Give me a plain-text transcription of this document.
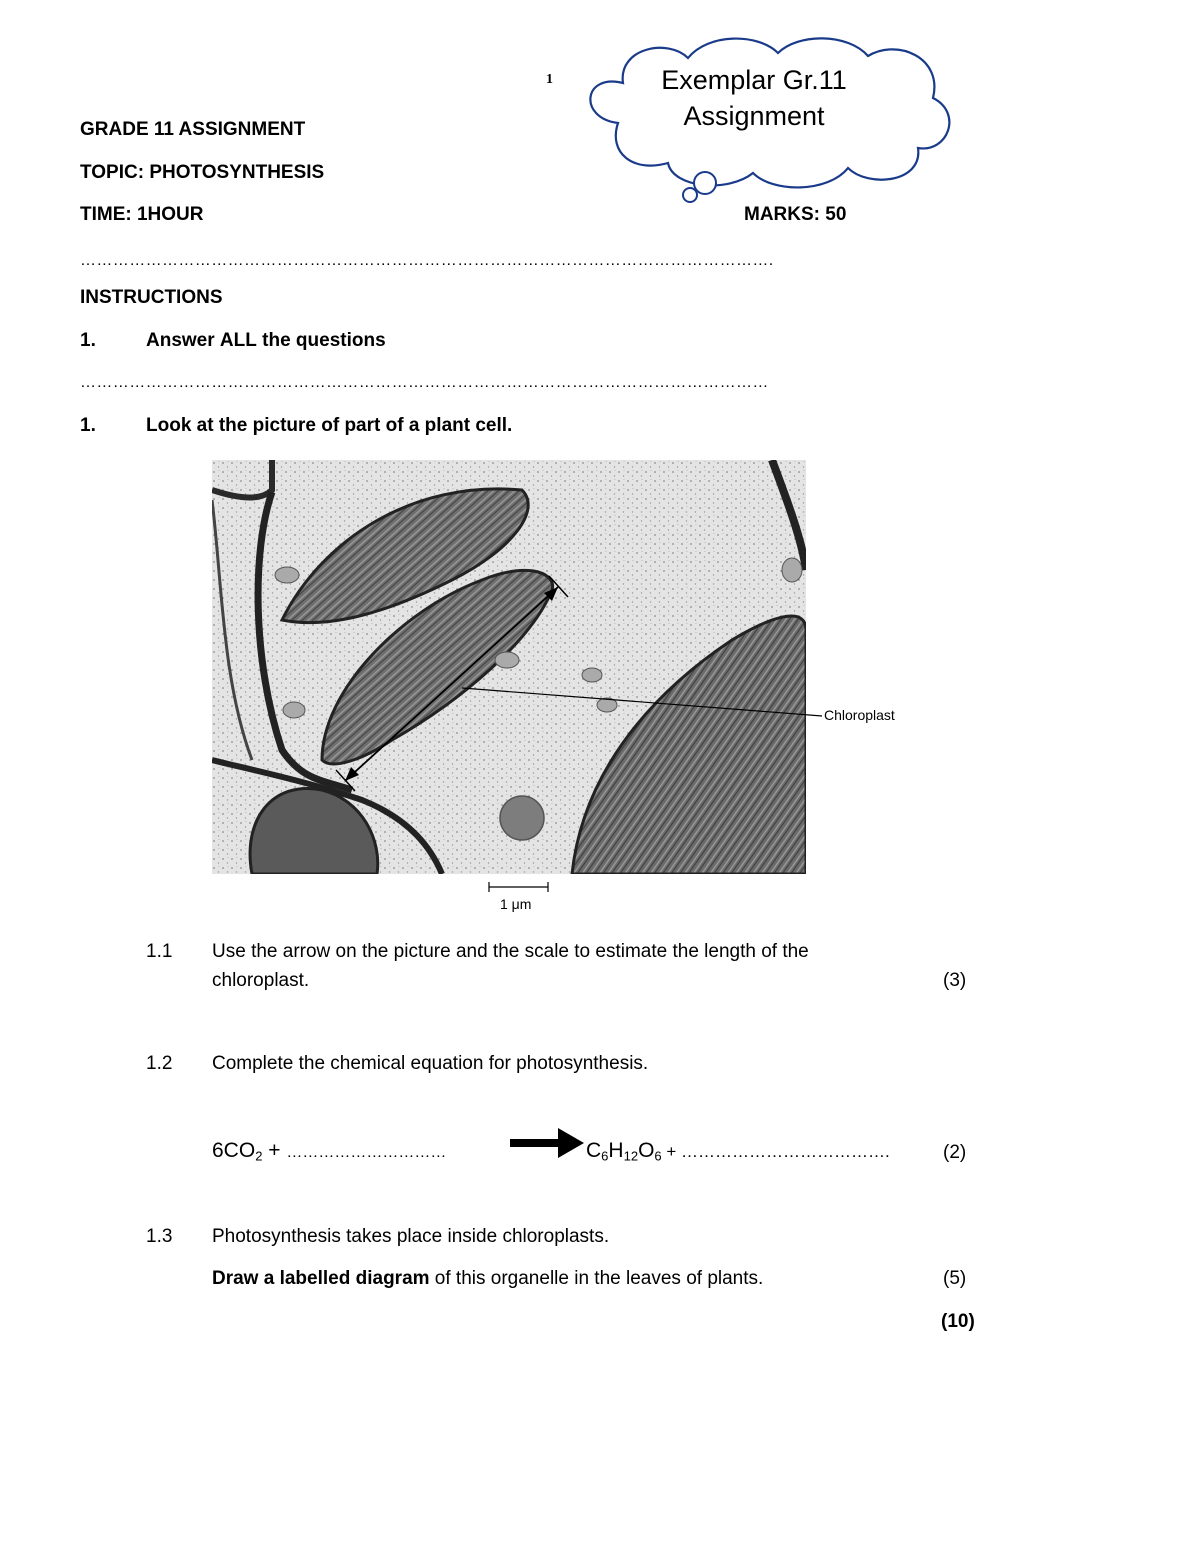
1	Exemplar Gr.11
Assignment
GRADE 11 ASSIGNMENT
TOPIC: PHOTOSYNTHESIS
TIME: 1HOUR	MARKS: 50
……………………………………………………………………………………………………………….
INSTRUCTIONS
1.	Answer ALL the questions
………………………………………………………………………………………………………………
1.	Look at the picture of part of a plant cell.
Chloroplast
1 μm
1.1 Use the arrow on the picture and the scale to estimate the length of the
chloroplast.	(3)
1.2 Complete the chemical equation for photosynthesis.
$6CO_2$ + …………………………	$C_6H_{12}O_6$ + ……………………………….	(2)
1.3 Photosynthesis takes place inside chloroplasts.
Draw a labelled diagram of this organelle in the leaves of plants.	(5)
(10)
